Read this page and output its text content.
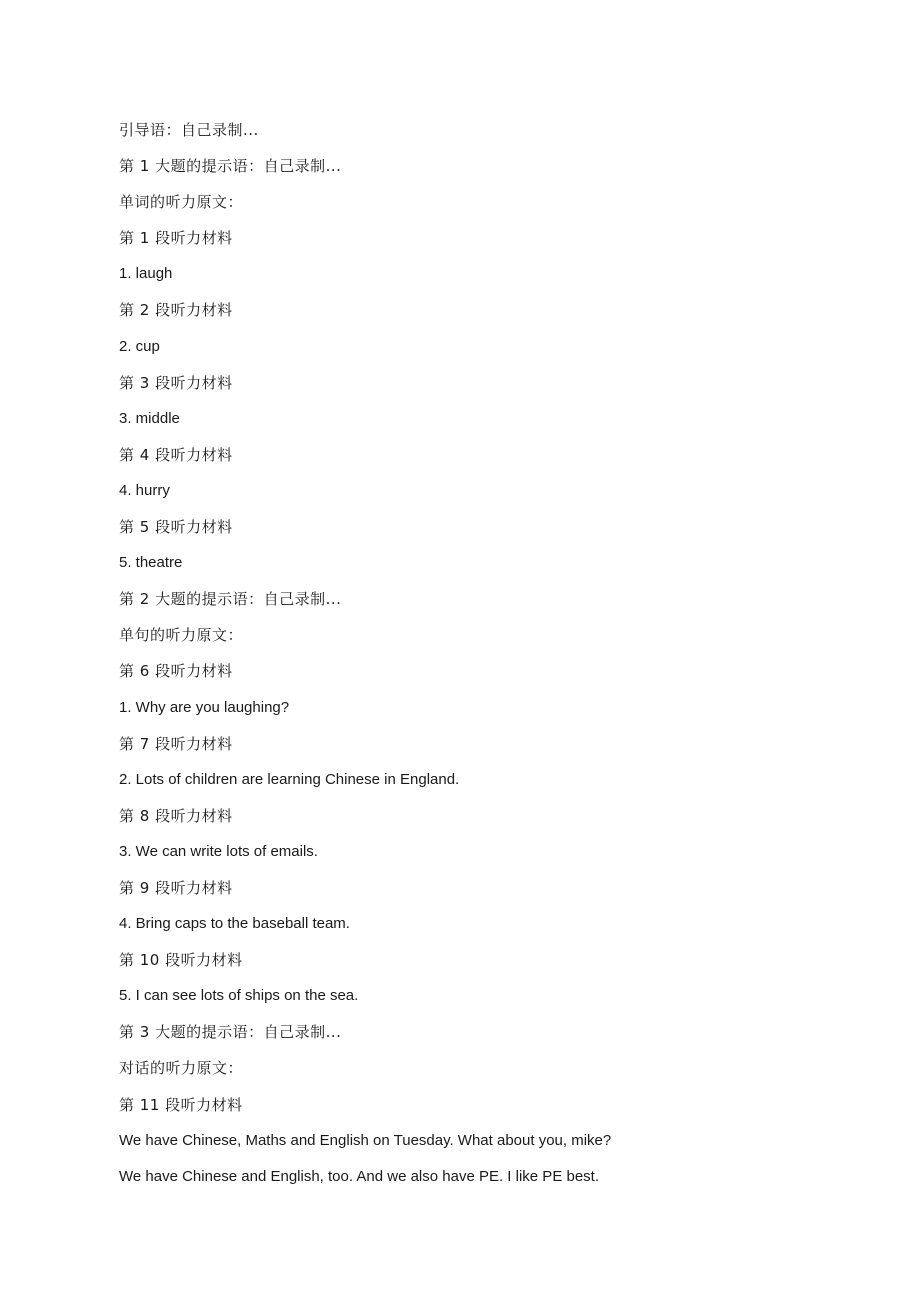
引导语：自己录制...
第 1 大题的提示语：自己录制...
单词的听力原文：
第 1 段听力材料
1. laugh
第 2 段听力材料
2. cup
第 3 段听力材料
3. middle
第 4 段听力材料
4. hurry
第 5 段听力材料
5. theatre
第 2 大题的提示语：自己录制...
单句的听力原文：
第 6 段听力材料
1. Why are you laughing?
第 7 段听力材料
2. Lots of children are learning Chinese in England.
第 8 段听力材料
3. We can write lots of emails.
第 9 段听力材料
4. Bring caps to the baseball team.
第 10 段听力材料
5. I can see lots of ships on the sea.
第 3 大题的提示语：自己录制...
对话的听力原文：
第 11 段听力材料
We have Chinese, Maths and English on Tuesday. What about you, mike?
We have Chinese and English, too. And we also have PE. I like PE best.
